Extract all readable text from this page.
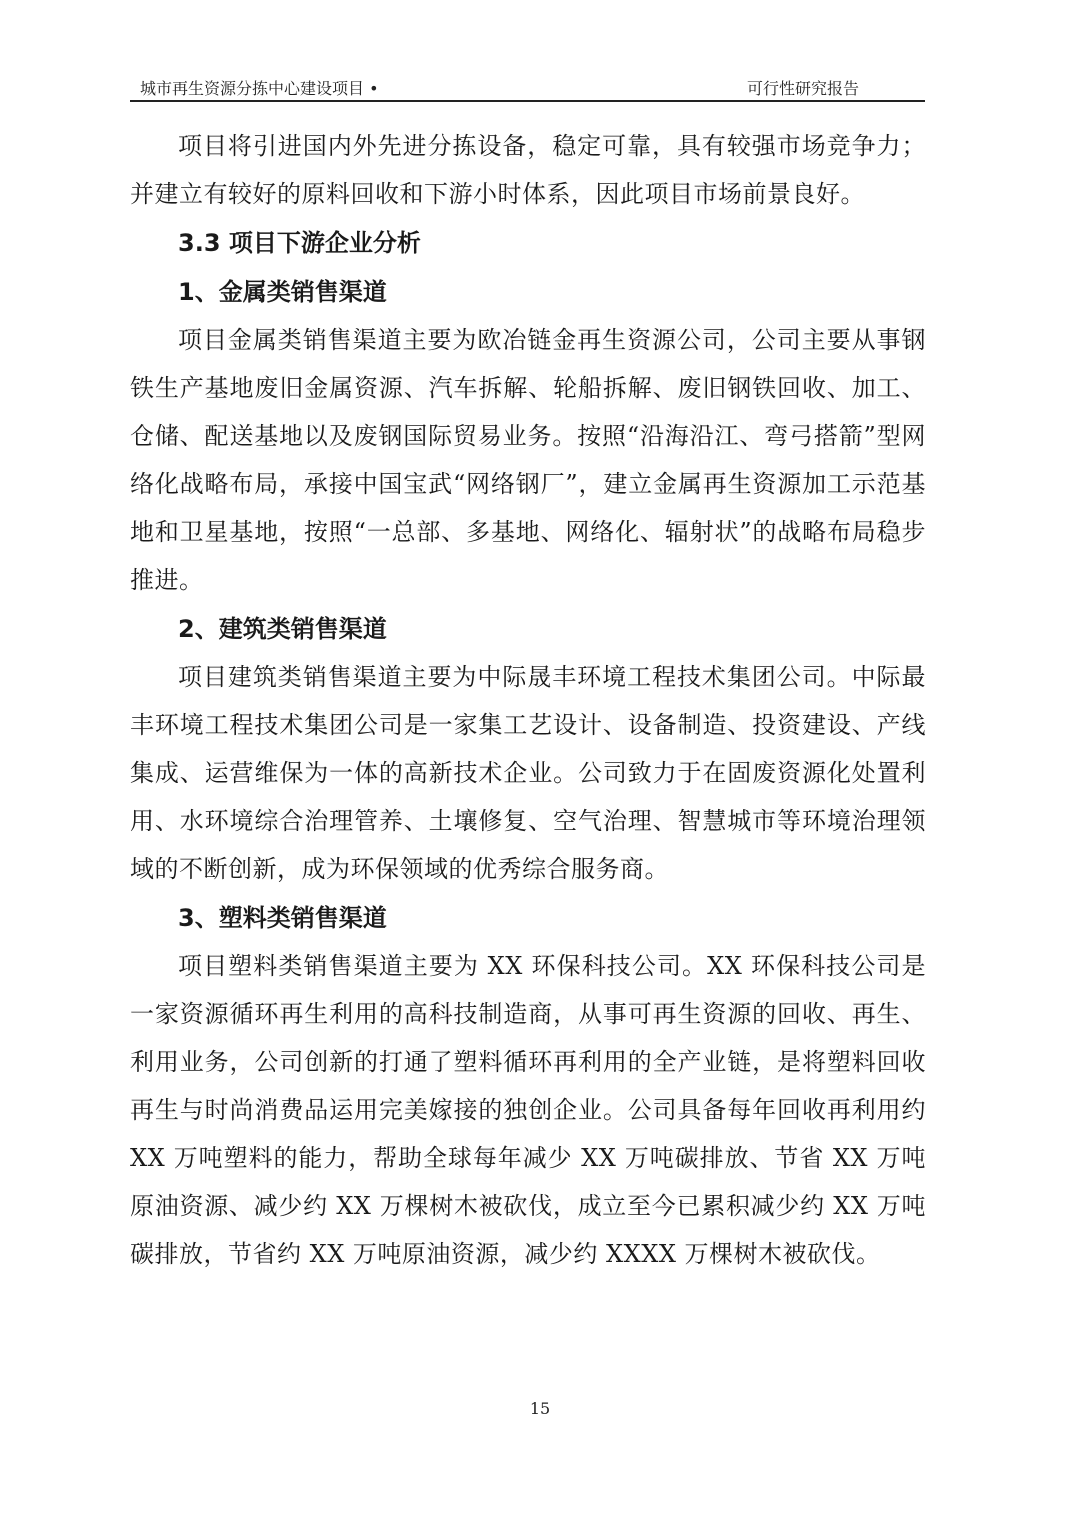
城市再生资源分拣中心建设项目 •	可行性研究报告

项目将引进国内外先进分拣设备，稳定可靠，具有较强市场竞争力；并建立有较好的原料回收和下游小时体系，因此项目市场前景良好。

3.3 项目下游企业分析

1、金属类销售渠道

项目金属类销售渠道主要为欧冶链金再生资源公司，公司主要从事钢铁生产基地废旧金属资源、汽车拆解、轮船拆解、废旧钢铁回收、加工、仓储、配送基地以及废钢国际贸易业务。按照“沿海沿江、弯弓搭箭”型网络化战略布局，承接中国宝武“网络钢厂”，建立金属再生资源加工示范基地和卫星基地，按照“一总部、多基地、网络化、辐射状”的战略布局稳步推进。

2、建筑类销售渠道

项目建筑类销售渠道主要为中际晟丰环境工程技术集团公司。中际最丰环境工程技术集团公司是一家集工艺设计、设备制造、投资建设、产线集成、运营维保为一体的高新技术企业。公司致力于在固废资源化处置利用、水环境综合治理管养、土壤修复、空气治理、智慧城市等环境治理领域的不断创新，成为环保领域的优秀综合服务商。

3、塑料类销售渠道

项目塑料类销售渠道主要为 XX 环保科技公司。XX 环保科技公司是一家资源循环再生利用的高科技制造商，从事可再生资源的回收、再生、利用业务，公司创新的打通了塑料循环再利用的全产业链，是将塑料回收再生与时尚消费品运用完美嫁接的独创企业。公司具备每年回收再利用约 XX 万吨塑料的能力，帮助全球每年减少 XX 万吨碳排放、节省 XX 万吨原油资源、减少约 XX 万棵树木被砍伐，成立至今已累积减少约 XX 万吨碳排放，节省约 XX 万吨原油资源，减少约 XXXX 万棵树木被砍伐。

15
